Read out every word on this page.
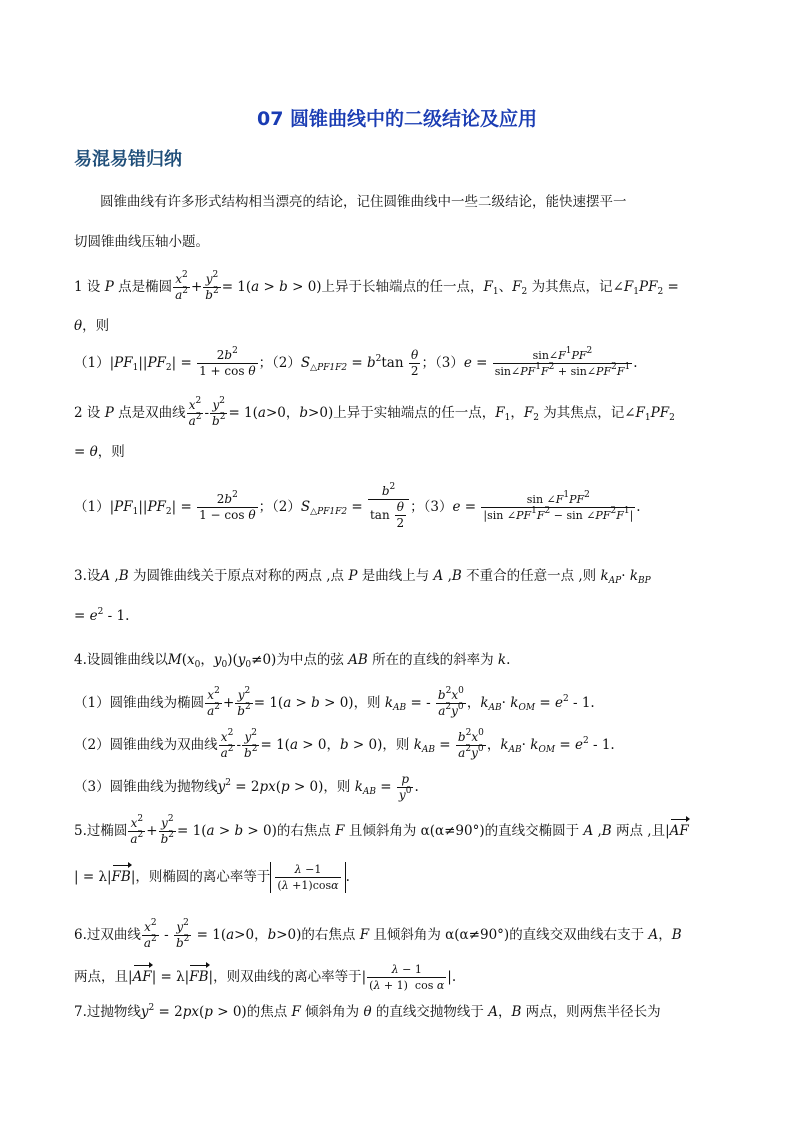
07 圆锥曲线中的二级结论及应用
易混易错归纳
圆锥曲线有许多形式结构相当漂亮的结论，记住圆锥曲线中一些二级结论，能快速摆平一
切圆锥曲线压轴小题。
1 设 P 点是椭圆 $\frac{x^2}{a^2} + \frac{y^2}{b^2} = 1(a > b > 0)$上异于长轴端点的任一点，$F_1$、$F_2$ 为其焦点，记$\angle F_1PF_2$ =
θ，则
$(1)|PF_1||PF_2| = \frac{2b^2}{\text{1 + cos θ}}$ ；$(2)S_{\triangle PF1F2} = b^2\tan \frac{\theta}{2}$ ；$(3)e = \frac{\sin\angle F^1PF^2}{\sin\angle PF^1F^2 + \sin\angle PF^2F^1}$ .
2 设 P 点是双曲线 $\frac{x^2}{a^2} - \frac{y^2}{b^2} = 1(a>0$，b>0)上异于实轴端点的任一点，$F_1$，$F_2$ 为其焦点，记$\angle F_1PF_2$
= θ，则
$(1)|PF_1||PF_2| = \frac{2b^2}{\text{1 − cos θ}}$ ；$(2)S_{\triangle PF1F2} = \frac{b^2}{\tan \frac{\theta}{2}}$ ；$(3)e = \frac{\sin \angle F^1PF^2}{|\sin \angle PF^1F^2 - \sin \angle PF^2F^1|}$ .
3.设A ,B 为圆锥曲线关于原点对称的两点 ,点 P 是曲线上与 A ,B 不重合的任意一点 ,则 $k_{AP}\cdot k_{BP}$
= $e^2 - 1$.
4.设圆锥曲线以$M(x_0$，$y_0)(y_0\ne 0)$为中点的弦 AB 所在的直线的斜率为 k.
（1）圆锥曲线为椭圆 $\frac{x^2}{a^2} + \frac{y^2}{b^2} = 1(a > b > 0)$，则 $k_{AB}$ = - $\frac{b^2x^0}{a^2y^0}$ ，$k_{AB}\cdot k_{OM} = e^2 - 1$.
（2）圆锥曲线为双曲线 $\frac{x^2}{a^2} - \frac{y^2}{b^2} = 1(a > 0$，b > 0)，则 $k_{AB} = \frac{b^2x^0}{a^2y^0}$ ，$k_{AB}\cdot k_{OM} = e^2 - 1$.
（3）圆锥曲线为抛物线$y^2 = 2px(p > 0)$，则 $k_{AB} = \frac{p}{y^0}$ .
5.过椭圆 $\frac{x^2}{a^2} + \frac{y^2}{b^2} = 1(a > b > 0)$的右焦点 F 且倾斜角为 α(α≠90°)的直线交椭圆于 A ,B 两点 ,且|AF
| = λ|FB|，则椭圆的离心率等于 $\frac{\lambda -1}{(\lambda +1)\cos\alpha}$ .
6.过双曲线 $\frac{x^2}{a^2} - \frac{y^2}{b^2} = 1(a>0$，b>0)的右焦点 F 且倾斜角为 α(α≠90°)的直线交双曲线右支于 A，B
两点，且|AF| = λ|FB|，则双曲线的离心率等于| $\frac{\lambda - 1}{\text{(λ + 1)  cos α}}$ |.
7.过抛物线$y^2 = 2px(p > 0)$的焦点 F 倾斜角为 θ 的直线交抛物线于 A，B 两点，则两焦半径长为
